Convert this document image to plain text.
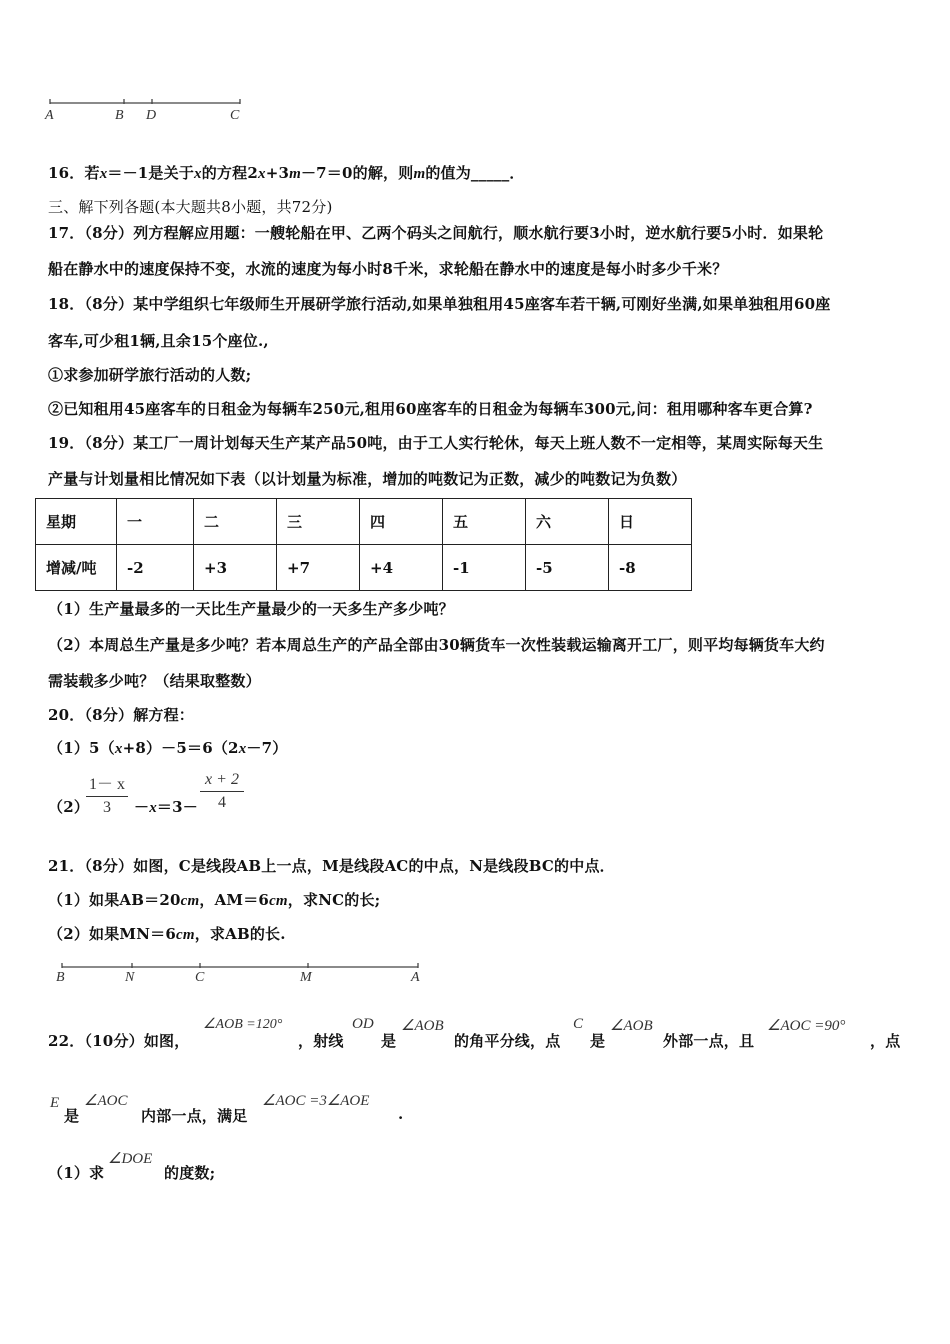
A	B D	C
16．若x＝－1是关于x的方程2x+3m－7＝0的解，则m的值为_____．
三、解下列各题(本大题共8小题，共72分)
17．（8分）列方程解应用题：一艘轮船在甲、乙两个码头之间航行，顺水航行要3小时，逆水航行要5小时．如果轮
船在静水中的速度保持不变，水流的速度为每小时8千米，求轮船在静水中的速度是每小时多少千米？
18．（8分）某中学组织七年级师生开展研学旅行活动,如果单独租用45座客车若干辆,可刚好坐满,如果单独租用60座
客车,可少租1辆,且余15个座位.,
①求参加研学旅行活动的人数;
②已知租用45座客车的日租金为每辆车250元,租用60座客车的日租金为每辆车300元,问：租用哪种客车更合算?
19．（8分）某工厂一周计划每天生产某产品50吨，由于工人实行轮休，每天上班人数不一定相等，某周实际每天生
产量与计划量相比情况如下表（以计划量为标准，增加的吨数记为正数，减少的吨数记为负数）
星期	一	二	三	四	五	六	日
增减/吨	-2	+3	+7	+4	-1	-5	-8
（1）生产量最多的一天比生产量最少的一天多生产多少吨？
（2）本周总生产量是多少吨？若本周总生产的产品全部由30辆货车一次性装载运输离开工厂，则平均每辆货车大约
需装载多少吨？（结果取整数）
20．（8分）解方程：
（1）5（x+8）－5＝6（2x－7）
（2）
1－ x
3	－x＝3－
x + 2
4
21．（8分）如图，C是线段AB上一点，M是线段AC的中点，N是线段BC的中点．
（1）如果AB＝20cm，AM＝6cm，求NC的长;
（2）如果MN＝6cm，求AB的长.
B	N	C	M	A
22．（10分）如图，
∠AOB =120°
，射线
OD
是
∠AOB
的角平分线，点
C
是
∠AOB
外部一点，且
∠AOC =90°
，点
E
是
∠AOC
内部一点，满足
∠AOC =3∠AOE
.
（1）求
∠DOE
的度数;
